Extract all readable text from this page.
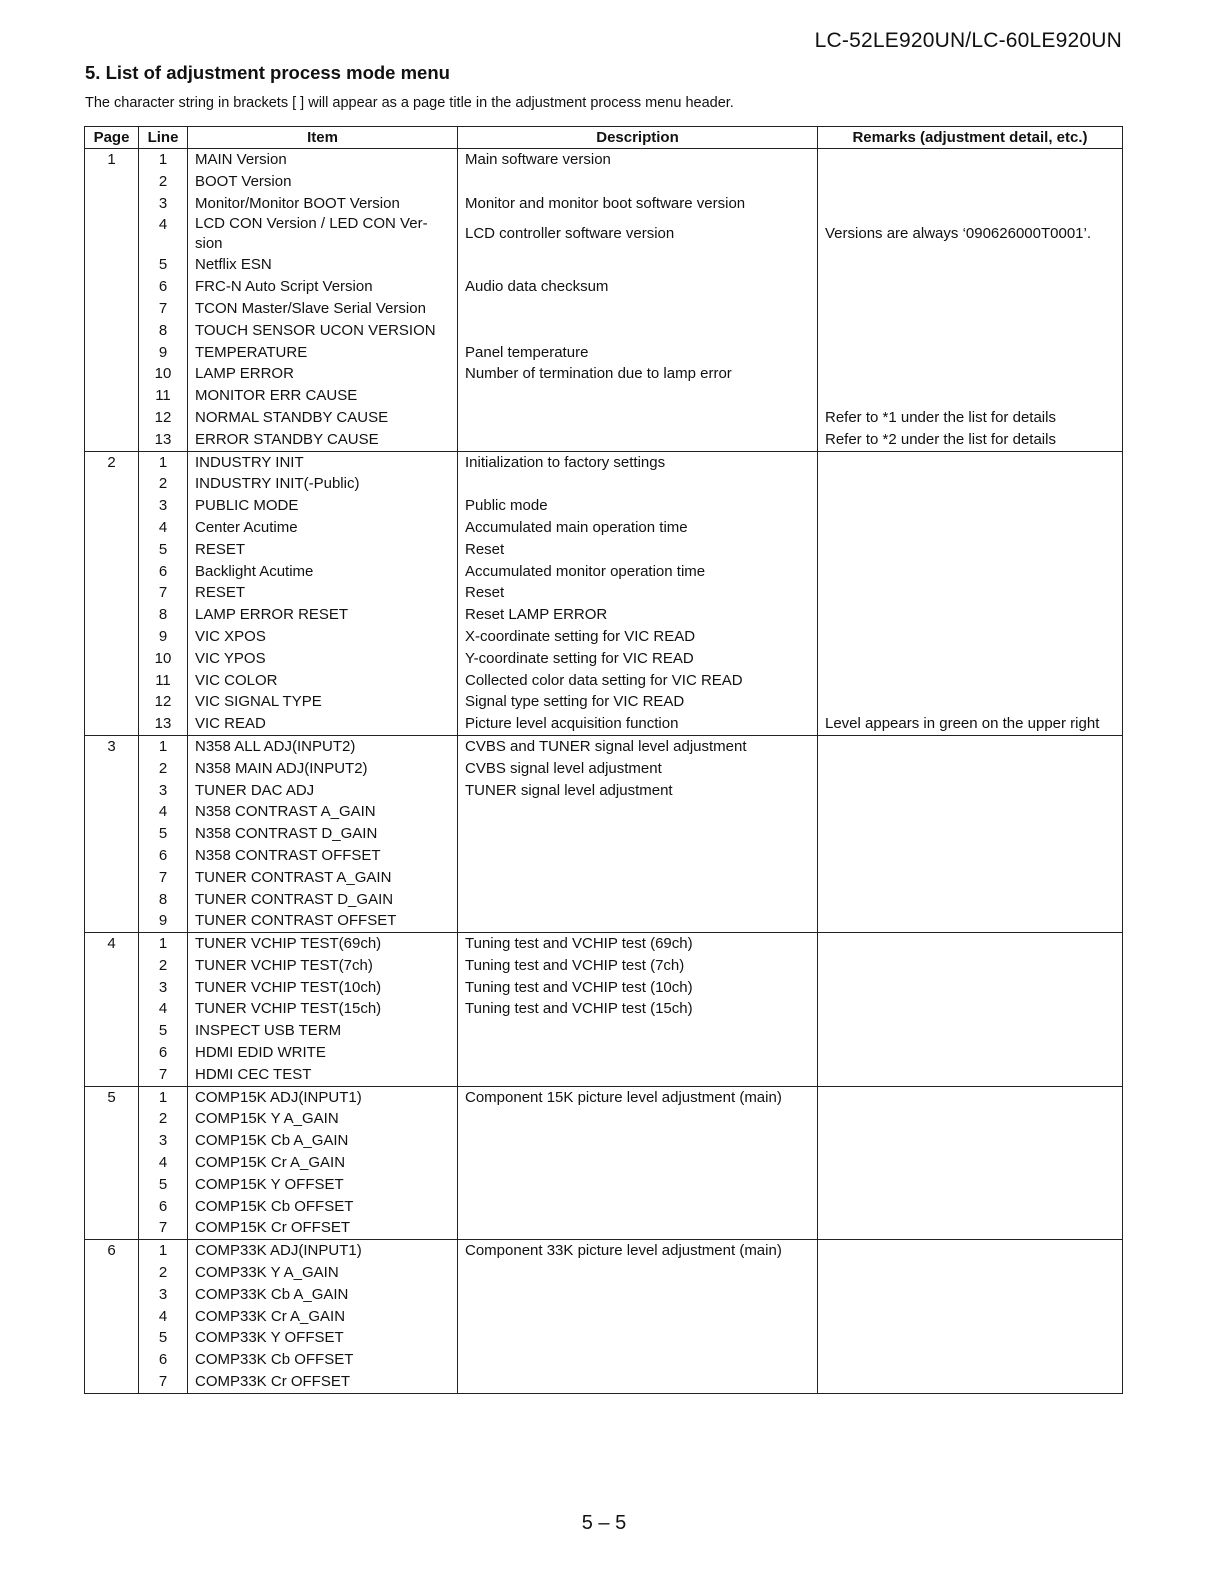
LC-52LE920UN/LC-60LE920UN
5. List of adjustment process mode menu
The character string in brackets [ ] will appear as a page title in the adjustment process menu header.
Page	Line	Item	Description	Remarks (adjustment detail, etc.)
1	1	MAIN Version	Main software version	
	2	BOOT Version		
	3	Monitor/Monitor BOOT Version	Monitor and monitor boot software version	
	4	LCD CON Version / LED CON Ver-sion	LCD controller software version	Versions are always ‘090626000T0001’.
	5	Netflix ESN		
	6	FRC-N Auto Script Version	Audio data checksum	
	7	TCON Master/Slave Serial Version		
	8	TOUCH SENSOR UCON VERSION		
	9	TEMPERATURE	Panel temperature	
	10	LAMP ERROR	Number of termination due to lamp error	
	11	MONITOR ERR CAUSE		
	12	NORMAL STANDBY CAUSE		Refer to *1 under the list for details
	13	ERROR STANDBY CAUSE		Refer to *2 under the list for details
2	1	INDUSTRY INIT	Initialization to factory settings	
	2	INDUSTRY INIT(-Public)		
	3	PUBLIC MODE	Public mode	
	4	Center Acutime	Accumulated main operation time	
	5	RESET	Reset	
	6	Backlight Acutime	Accumulated monitor operation time	
	7	RESET	Reset	
	8	LAMP ERROR RESET	Reset LAMP ERROR	
	9	VIC XPOS	X-coordinate setting for VIC READ	
	10	VIC YPOS	Y-coordinate setting for VIC READ	
	11	VIC COLOR	Collected color data setting for VIC READ	
	12	VIC SIGNAL TYPE	Signal type setting for VIC READ	
	13	VIC READ	Picture level acquisition function	Level appears in green on the upper right
3	1	N358 ALL ADJ(INPUT2)	CVBS and TUNER signal level adjustment	
	2	N358 MAIN ADJ(INPUT2)	CVBS signal level adjustment	
	3	TUNER DAC ADJ	TUNER signal level adjustment	
	4	N358 CONTRAST A_GAIN		
	5	N358 CONTRAST D_GAIN		
	6	N358 CONTRAST OFFSET		
	7	TUNER CONTRAST A_GAIN		
	8	TUNER CONTRAST D_GAIN		
	9	TUNER CONTRAST OFFSET		
4	1	TUNER VCHIP TEST(69ch)	Tuning test and VCHIP test (69ch)	
	2	TUNER VCHIP TEST(7ch)	Tuning test and VCHIP test (7ch)	
	3	TUNER VCHIP TEST(10ch)	Tuning test and VCHIP test (10ch)	
	4	TUNER VCHIP TEST(15ch)	Tuning test and VCHIP test (15ch)	
	5	INSPECT USB TERM		
	6	HDMI EDID WRITE		
	7	HDMI CEC TEST		
5	1	COMP15K ADJ(INPUT1)	Component 15K picture level adjustment (main)	
	2	COMP15K Y A_GAIN		
	3	COMP15K Cb A_GAIN		
	4	COMP15K Cr A_GAIN		
	5	COMP15K Y OFFSET		
	6	COMP15K Cb OFFSET		
	7	COMP15K Cr OFFSET		
6	1	COMP33K ADJ(INPUT1)	Component 33K picture level adjustment (main)	
	2	COMP33K Y A_GAIN		
	3	COMP33K Cb A_GAIN		
	4	COMP33K Cr A_GAIN		
	5	COMP33K Y OFFSET		
	6	COMP33K Cb OFFSET		
	7	COMP33K Cr OFFSET		
5 – 5
